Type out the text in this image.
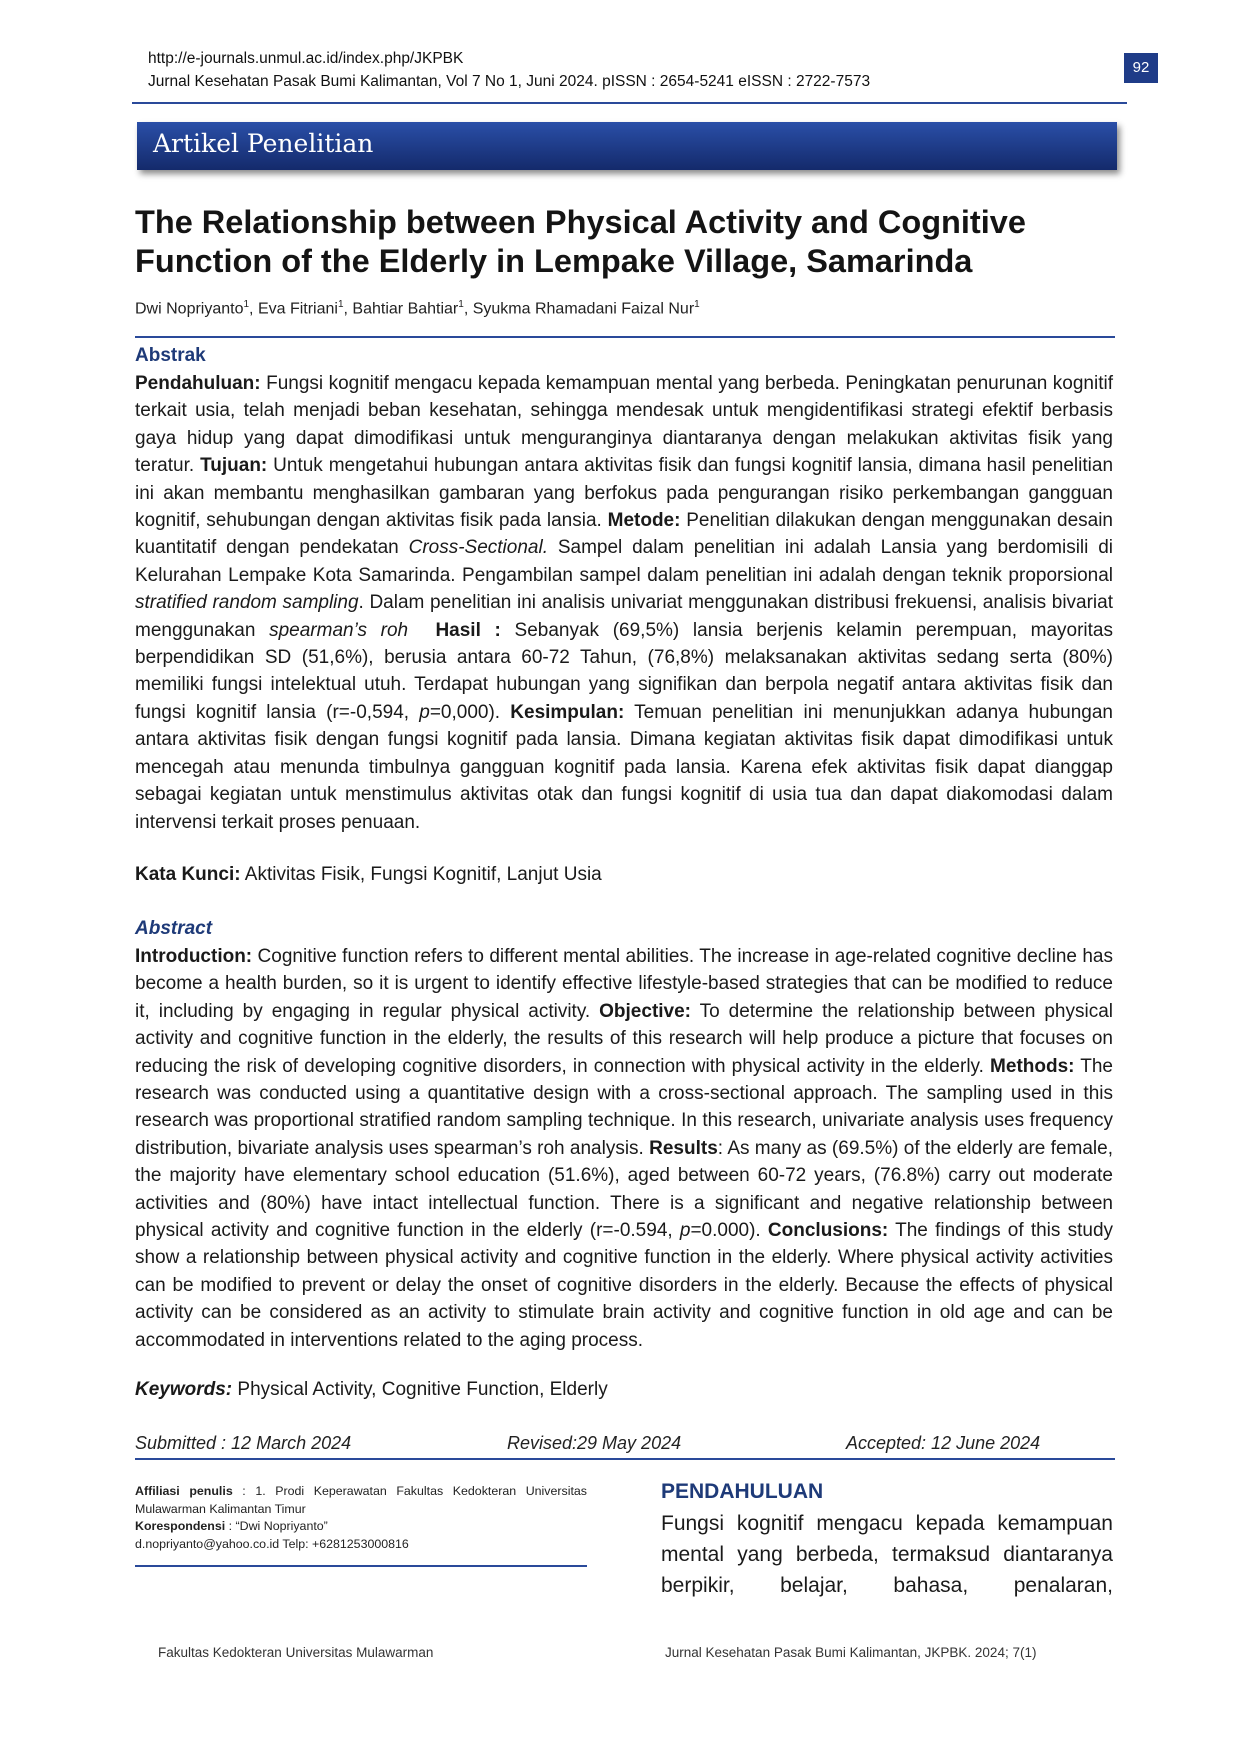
http://e-journals.unmul.ac.id/index.php/JKPBK
Jurnal Kesehatan Pasak Bumi Kalimantan, Vol 7 No 1, Juni 2024. pISSN : 2654-5241 eISSN : 2722-7573
92
Artikel Penelitian
The Relationship between Physical Activity and Cognitive Function of the Elderly in Lempake Village, Samarinda
Dwi Nopriyanto$^1$, Eva Fitriani$^1$, Bahtiar Bahtiar$^1$, Syukma Rhamadani Faizal Nur$^1$
Abstrak

Pendahuluan: Fungsi kognitif mengacu kepada kemampuan mental yang berbeda. Peningkatan penurunan kognitif terkait usia, telah menjadi beban kesehatan, sehingga mendesak untuk mengidentifikasi strategi efektif berbasis gaya hidup yang dapat dimodifikasi untuk menguranginya diantaranya dengan melakukan aktivitas fisik yang teratur. Tujuan: Untuk mengetahui hubungan antara aktivitas fisik dan fungsi kognitif lansia, dimana hasil penelitian ini akan membantu menghasilkan gambaran yang berfokus pada pengurangan risiko perkembangan gangguan kognitif, sehubungan dengan aktivitas fisik pada lansia. Metode: Penelitian dilakukan dengan menggunakan desain kuantitatif dengan pendekatan Cross-Sectional. Sampel dalam penelitian ini adalah Lansia yang berdomisili di Kelurahan Lempake Kota Samarinda. Pengambilan sampel dalam penelitian ini adalah dengan teknik proporsional stratified random sampling. Dalam penelitian ini analisis univariat menggunakan distribusi frekuensi, analisis bivariat menggunakan spearman’s roh Hasil : Sebanyak (69,5%) lansia berjenis kelamin perempuan, mayoritas berpendidikan SD (51,6%), berusia antara 60-72 Tahun, (76,8%) melaksanakan aktivitas sedang serta (80%) memiliki fungsi intelektual utuh. Terdapat hubungan yang signifikan dan berpola negatif antara aktivitas fisik dan fungsi kognitif lansia (r=-0,594, p=0,000). Kesimpulan: Temuan penelitian ini menunjukkan adanya hubungan antara aktivitas fisik dengan fungsi kognitif pada lansia. Dimana kegiatan aktivitas fisik dapat dimodifikasi untuk mencegah atau menunda timbulnya gangguan kognitif pada lansia. Karena efek aktivitas fisik dapat dianggap sebagai kegiatan untuk menstimulus aktivitas otak dan fungsi kognitif di usia tua dan dapat diakomodasi dalam intervensi terkait proses penuaan.

Kata Kunci: Aktivitas Fisik, Fungsi Kognitif, Lanjut Usia
Abstract

Introduction: Cognitive function refers to different mental abilities. The increase in age-related cognitive decline has become a health burden, so it is urgent to identify effective lifestyle-based strategies that can be modified to reduce it, including by engaging in regular physical activity. Objective: To determine the relationship between physical activity and cognitive function in the elderly, the results of this research will help produce a picture that focuses on reducing the risk of developing cognitive disorders, in connection with physical activity in the elderly. Methods: The research was conducted using a quantitative design with a cross-sectional approach. The sampling used in this research was proportional stratified random sampling technique. In this research, univariate analysis uses frequency distribution, bivariate analysis uses spearman’s roh analysis. Results: As many as (69.5%) of the elderly are female, the majority have elementary school education (51.6%), aged between 60-72 years, (76.8%) carry out moderate activities and (80%) have intact intellectual function. There is a significant and negative relationship between physical activity and cognitive function in the elderly (r=-0.594, p=0.000). Conclusions: The findings of this study show a relationship between physical activity and cognitive function in the elderly. Where physical activity activities can be modified to prevent or delay the onset of cognitive disorders in the elderly. Because the effects of physical activity can be considered as an activity to stimulate brain activity and cognitive function in old age and can be accommodated in interventions related to the aging process.

Keywords: Physical Activity, Cognitive Function, Elderly
Submitted : 12 March 2024	Revised:29 May 2024	Accepted: 12 June 2024

Affiliasi penulis : 1. Prodi Keperawatan Fakultas Kedokteran Universitas Mulawarman Kalimantan Timur
Korespondensi : “Dwi Nopriyanto”
d.nopriyanto@yahoo.co.id Telp: +6281253000816

PENDAHULUAN

Fungsi kognitif mengacu kepada kemampuan mental yang berbeda, termaksud diantaranya berpikir, belajar, bahasa, penalaran,

Fakultas Kedokteran Universitas Mulawarman	Jurnal Kesehatan Pasak Bumi Kalimantan, JKPBK. 2024; 7(1)
